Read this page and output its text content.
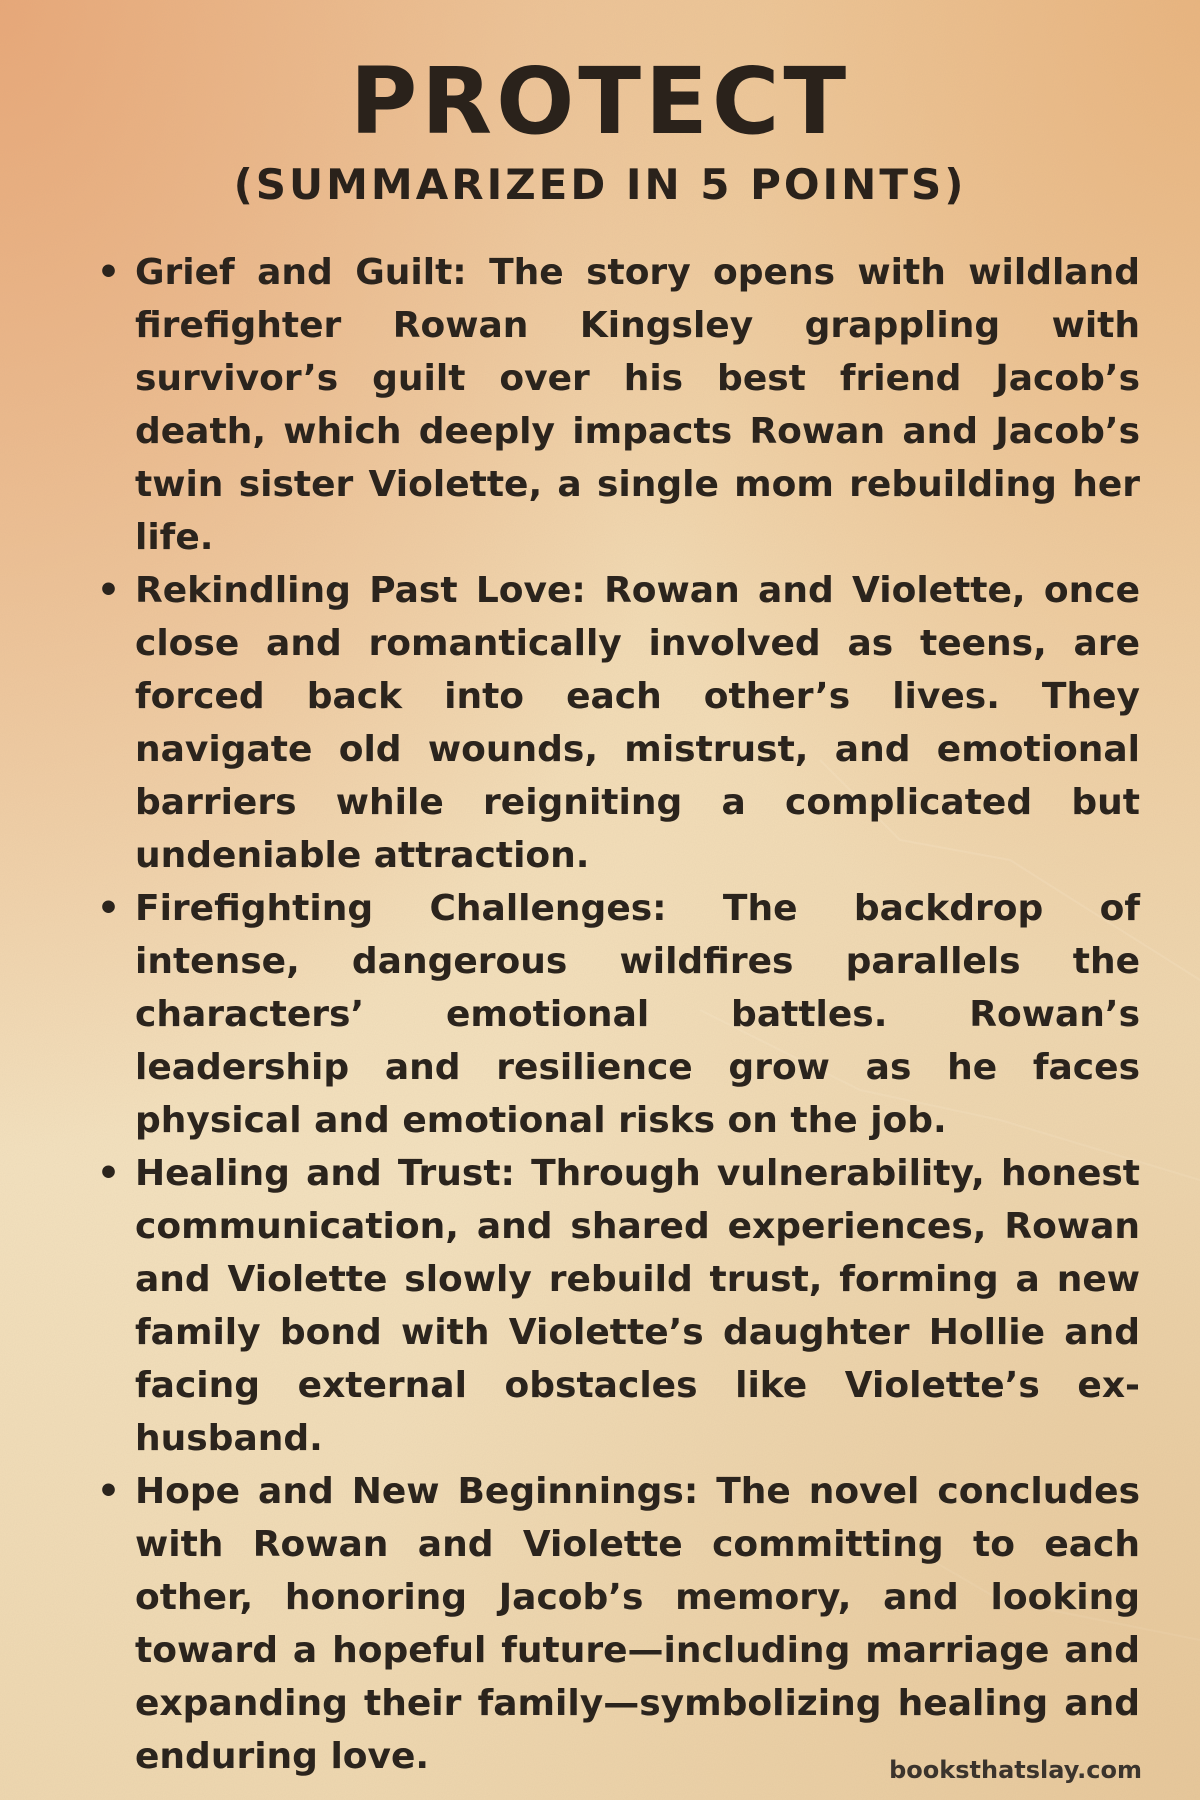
PROTECT
(SUMMARIZED IN 5 POINTS)
• Grief and Guilt: The story opens with wildland firefighter Rowan Kingsley grappling with survivor’s guilt over his best friend Jacob’s death, which deeply impacts Rowan and Jacob’s twin sister Violette, a single mom rebuilding her life.
• Rekindling Past Love: Rowan and Violette, once close and romantically involved as teens, are forced back into each other’s lives. They navigate old wounds, mistrust, and emotional barriers while reigniting a complicated but undeniable attraction.
• Firefighting Challenges: The backdrop of intense, dangerous wildfires parallels the characters’ emotional battles. Rowan’s leadership and resilience grow as he faces physical and emotional risks on the job.
• Healing and Trust: Through vulnerability, honest communication, and shared experiences, Rowan and Violette slowly rebuild trust, forming a new family bond with Violette’s daughter Hollie and facing external obstacles like Violette’s ex-husband.
• Hope and New Beginnings: The novel concludes with Rowan and Violette committing to each other, honoring Jacob’s memory, and looking toward a hopeful future—including marriage and expanding their family—symbolizing healing and enduring love.	booksthatslay.com
